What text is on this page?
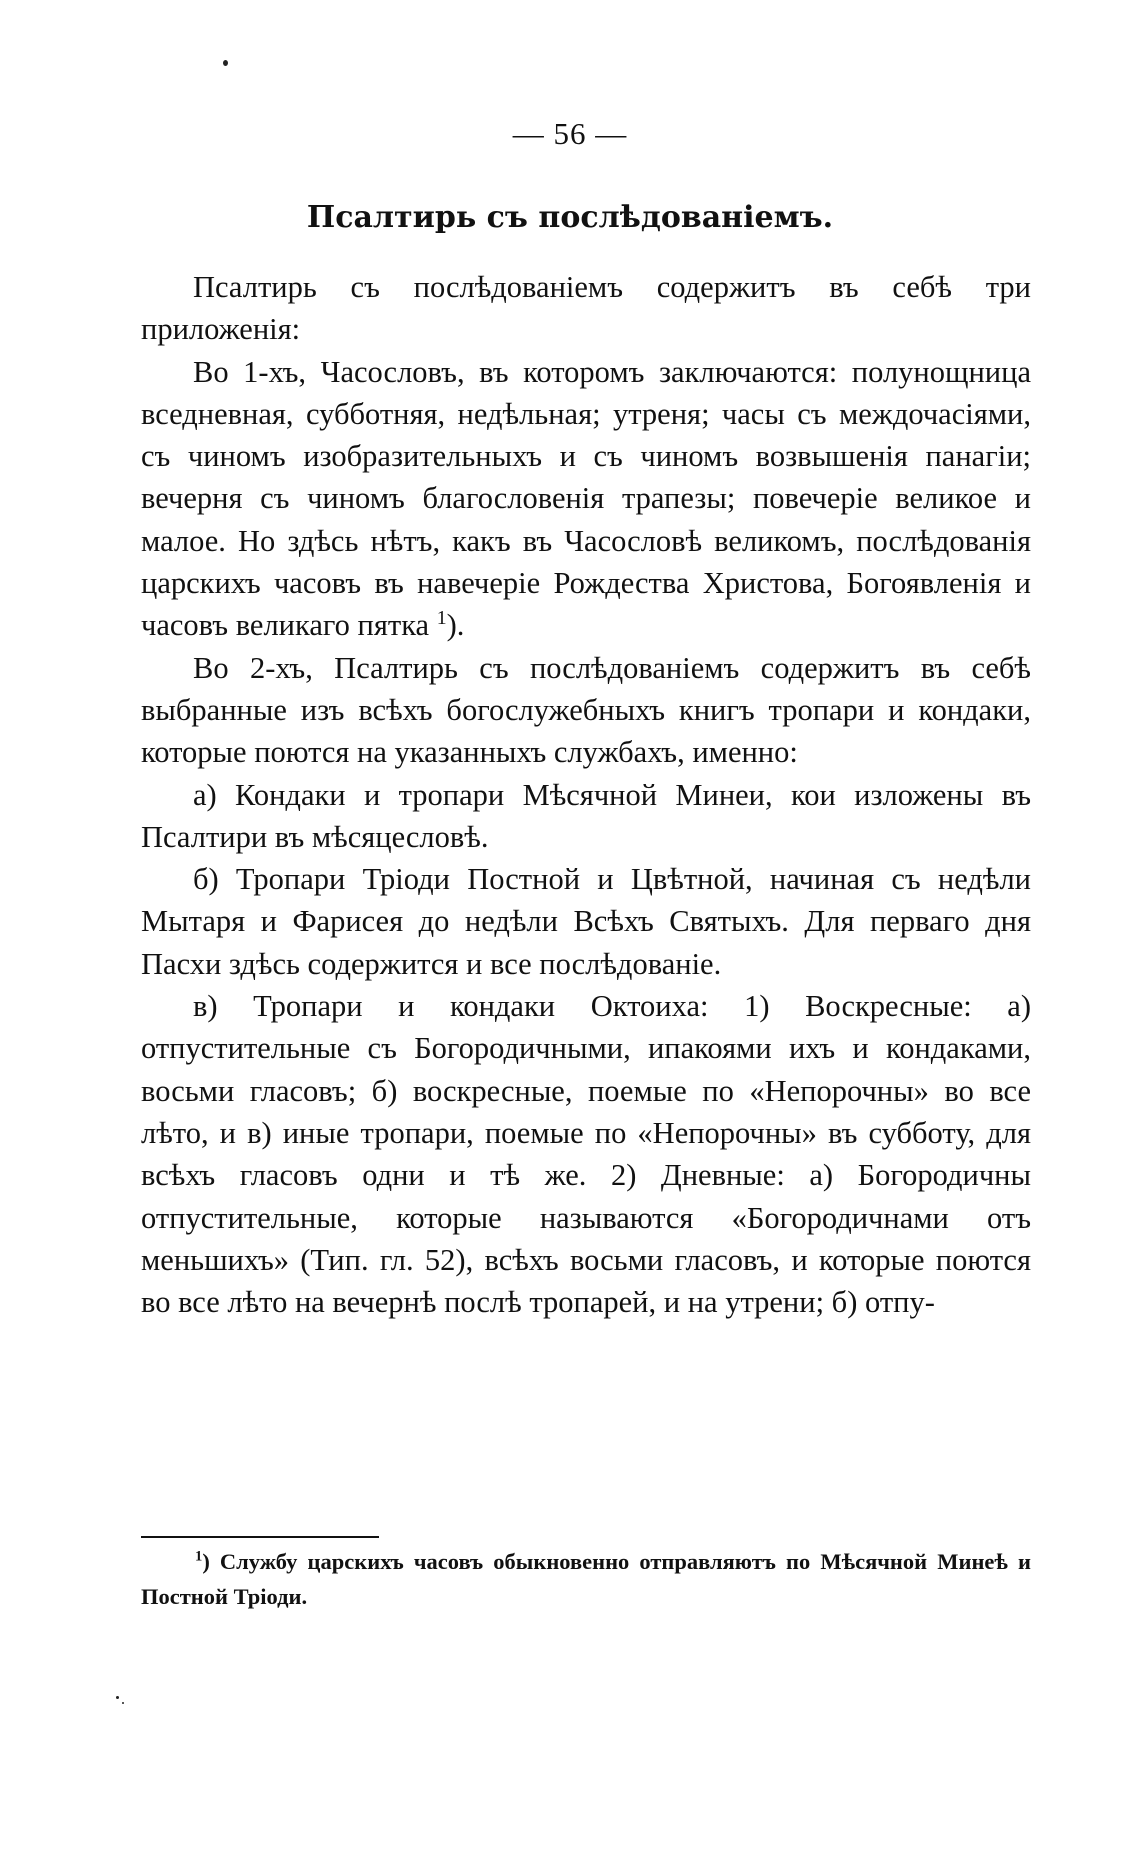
— 56 —
Псалтирь съ послѣдованіемъ.

Псалтирь съ послѣдованіемъ содержитъ въ себѣ три приложенія:

Во 1-хъ, Часословъ, въ которомъ заключаются: полунощница вседневная, субботняя, недѣльная; утреня; часы съ междочасіями, съ чиномъ изобразительныхъ и съ чиномъ возвышенія панагіи; вечерня съ чиномъ благословенія трапезы; повечеріе великое и малое. Но здѣсь нѣтъ, какъ въ Часословѣ великомъ, послѣдованія царскихъ часовъ въ навечеріе Рождества Христова, Богоявленія и часовъ великаго пятка $^1$).

Во 2-хъ, Псалтирь съ послѣдованіемъ содержитъ въ себѣ выбранные изъ всѣхъ богослужебныхъ книгъ тропари и кондаки, которые поются на указанныхъ службахъ, именно:

а) Кондаки и тропари Мѣсячной Минеи, кои изложены въ Псалтири въ мѣсяцесловѣ.

б) Тропари Тріоди Постной и Цвѣтной, начиная съ недѣли Мытаря и Фарисея до недѣли Всѣхъ Святыхъ. Для перваго дня Пасхи здѣсь содержится и все послѣдованіе.

в) Тропари и кондаки Октоиха: 1) Воскресные: а) отпустительные съ Богородичными, ипакоями ихъ и кондаками, восьми гласовъ; б) воскресные, поемые по «Непорочны» во все лѣто, и в) иные тропари, поемые по «Непорочны» въ субботу, для всѣхъ гласовъ одни и тѣ же. 2) Дневные: а) Богородичны отпустительные, которые называются «Богородичнами отъ меньшихъ» (Тип. гл. 52), всѣхъ восьми гласовъ, и которые поются во все лѣто на вечернѣ послѣ тропарей, и на утрени; б) отпу-

$^1$) Службу царскихъ часовъ обыкновенно отправляютъ по Мѣсячной Минеѣ и Постной Тріоди.
